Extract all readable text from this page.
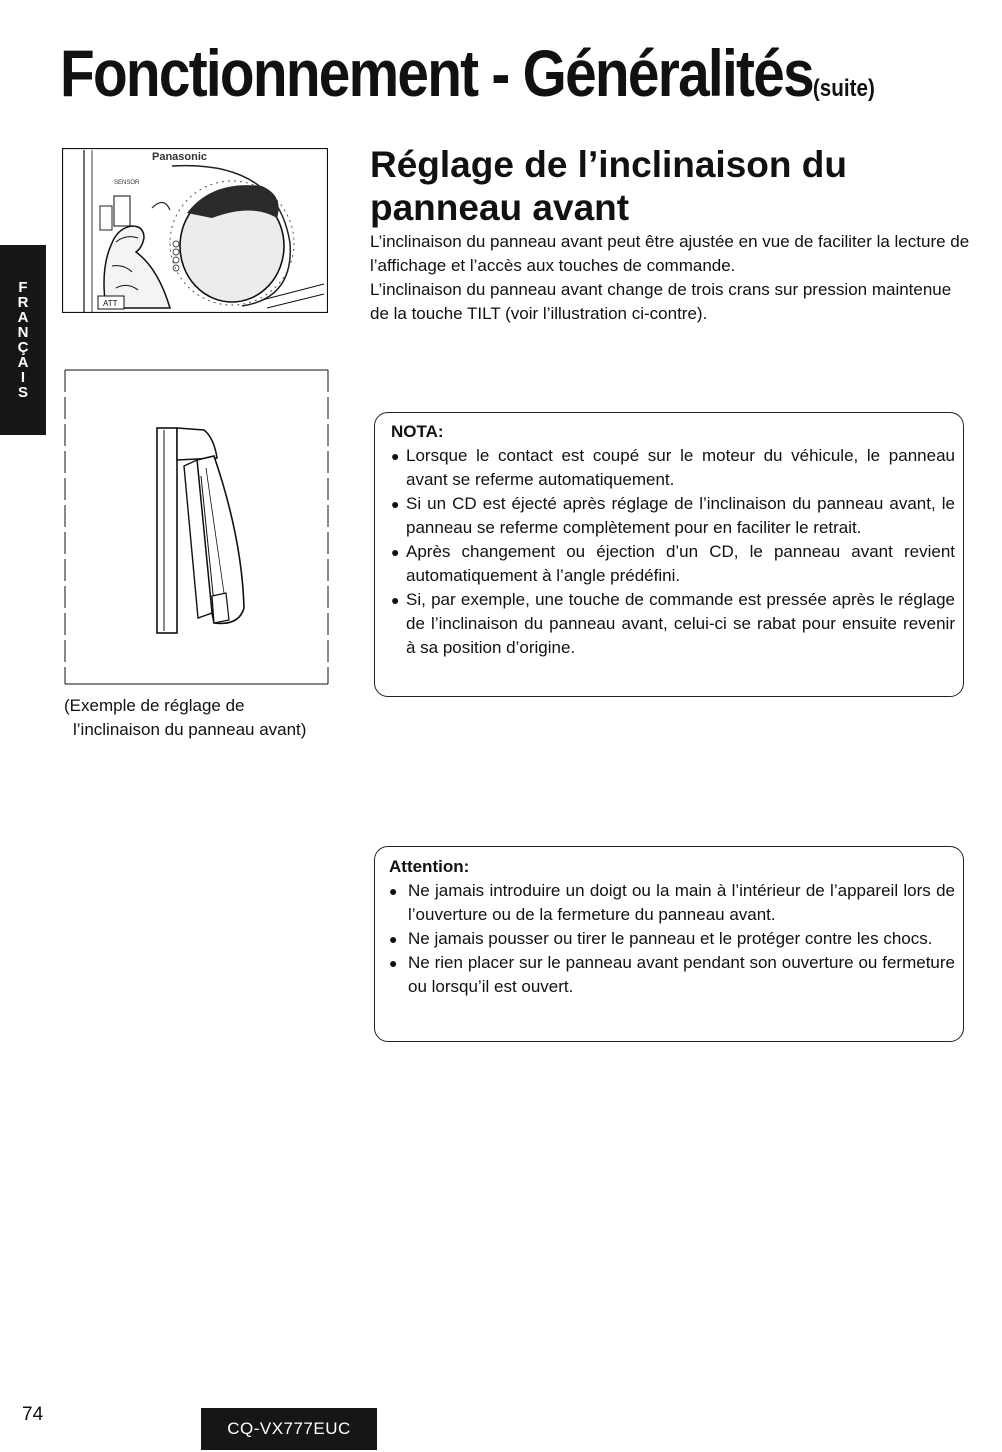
Fonctionnement - Généralités(suite)
F
R
A
N
Ç
A
I
S
Panasonic
SENSOR
ATT
(Exemple de réglage de
l’inclinaison du panneau avant)
Réglage de l’inclinaison du
panneau avant
L’inclinaison du panneau avant peut être ajustée en vue de faciliter la lecture de l’affichage et l’accès aux touches de commande.
L’inclinaison du panneau avant change de trois crans sur pression maintenue de la touche TILT (voir l’illustration ci-contre).
NOTA:
● Lorsque le contact est coupé sur le moteur du véhicule, le panneau avant se referme automatiquement.
● Si un CD est éjecté après réglage de l’inclinaison du panneau avant, le panneau se referme complètement pour en faciliter le retrait.
● Après changement ou éjection d’un CD, le panneau avant revient automatiquement à l’angle prédéfini.
● Si, par exemple, une touche de commande est pressée après le réglage de l’inclinaison du panneau avant, celui-ci se rabat pour ensuite revenir à sa position d’origine.
Attention:
● Ne jamais introduire un doigt ou la main à l’intérieur de l’appareil lors de l’ouverture ou de la fermeture du panneau avant.
● Ne jamais pousser ou tirer le panneau et le protéger contre les chocs.
● Ne rien placer sur le panneau avant pendant son ouverture ou fermeture ou lorsqu’il est ouvert.
74
CQ-VX777EUC
